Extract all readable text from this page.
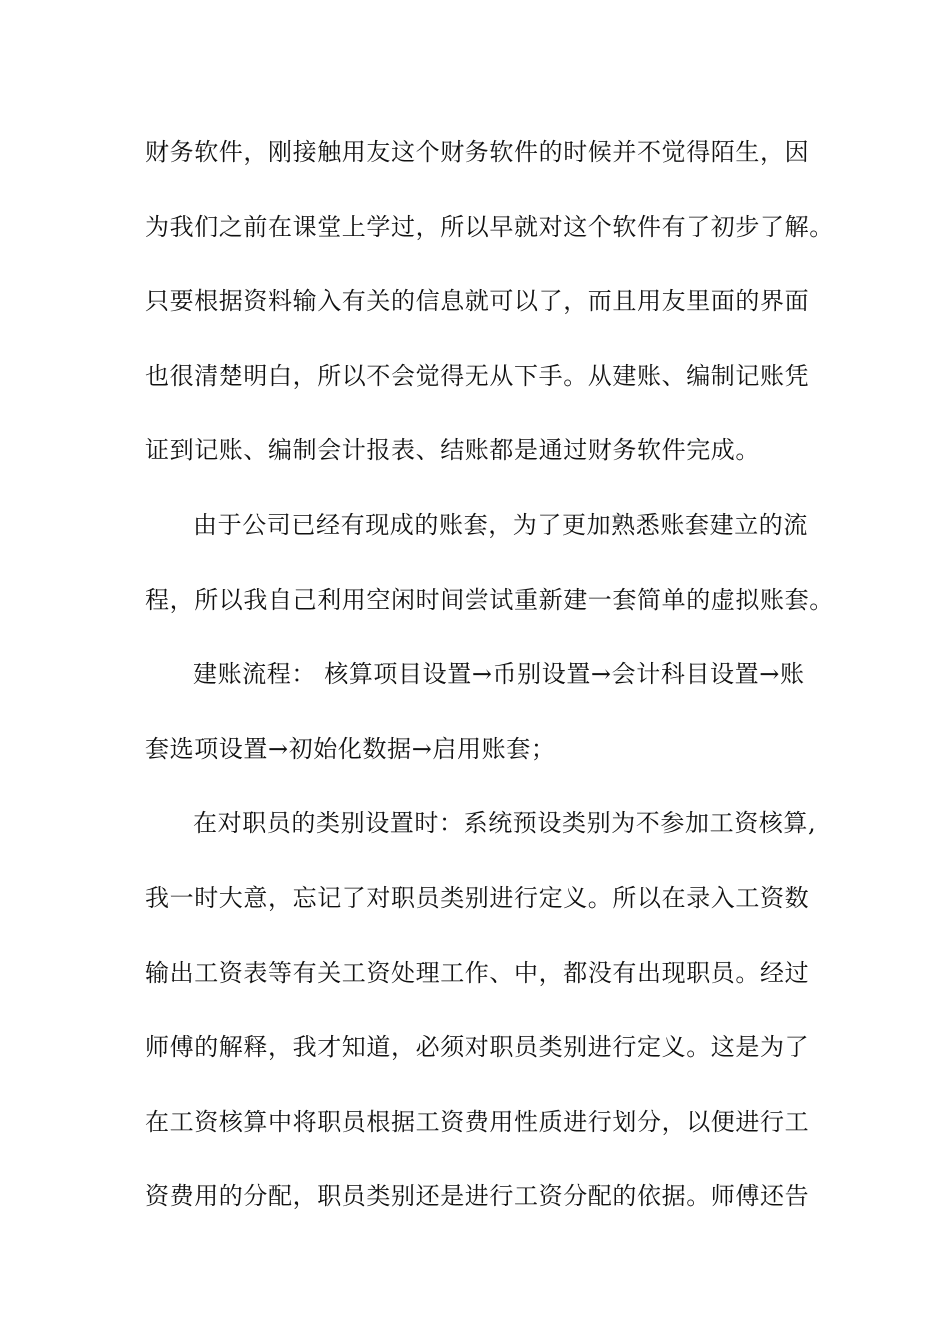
财务软件，刚接触用友这个财务软件的时候并不觉得陌生，因
为我们之前在课堂上学过，所以早就对这个软件有了初步了解。
只要根据资料输入有关的信息就可以了，而且用友里面的界面
也很清楚明白，所以不会觉得无从下手。从建账、编制记账凭
证到记账、编制会计报表、结账都是通过财务软件完成。
由于公司已经有现成的账套，为了更加熟悉账套建立的流
程，所以我自己利用空闲时间尝试重新建一套简单的虚拟账套。
建账流程： 核算项目设置→币别设置→会计科目设置→账
套选项设置→初始化数据→启用账套；
在对职员的类别设置时：系统预设类别为不参加工资核算,
我一时大意，忘记了对职员类别进行定义。所以在录入工资数
输出工资表等有关工资处理工作、中，都没有出现职员。经过
师傅的解释，我才知道，必须对职员类别进行定义。这是为了
在工资核算中将职员根据工资费用性质进行划分，以便进行工
资费用的分配，职员类别还是进行工资分配的依据。师傅还告
